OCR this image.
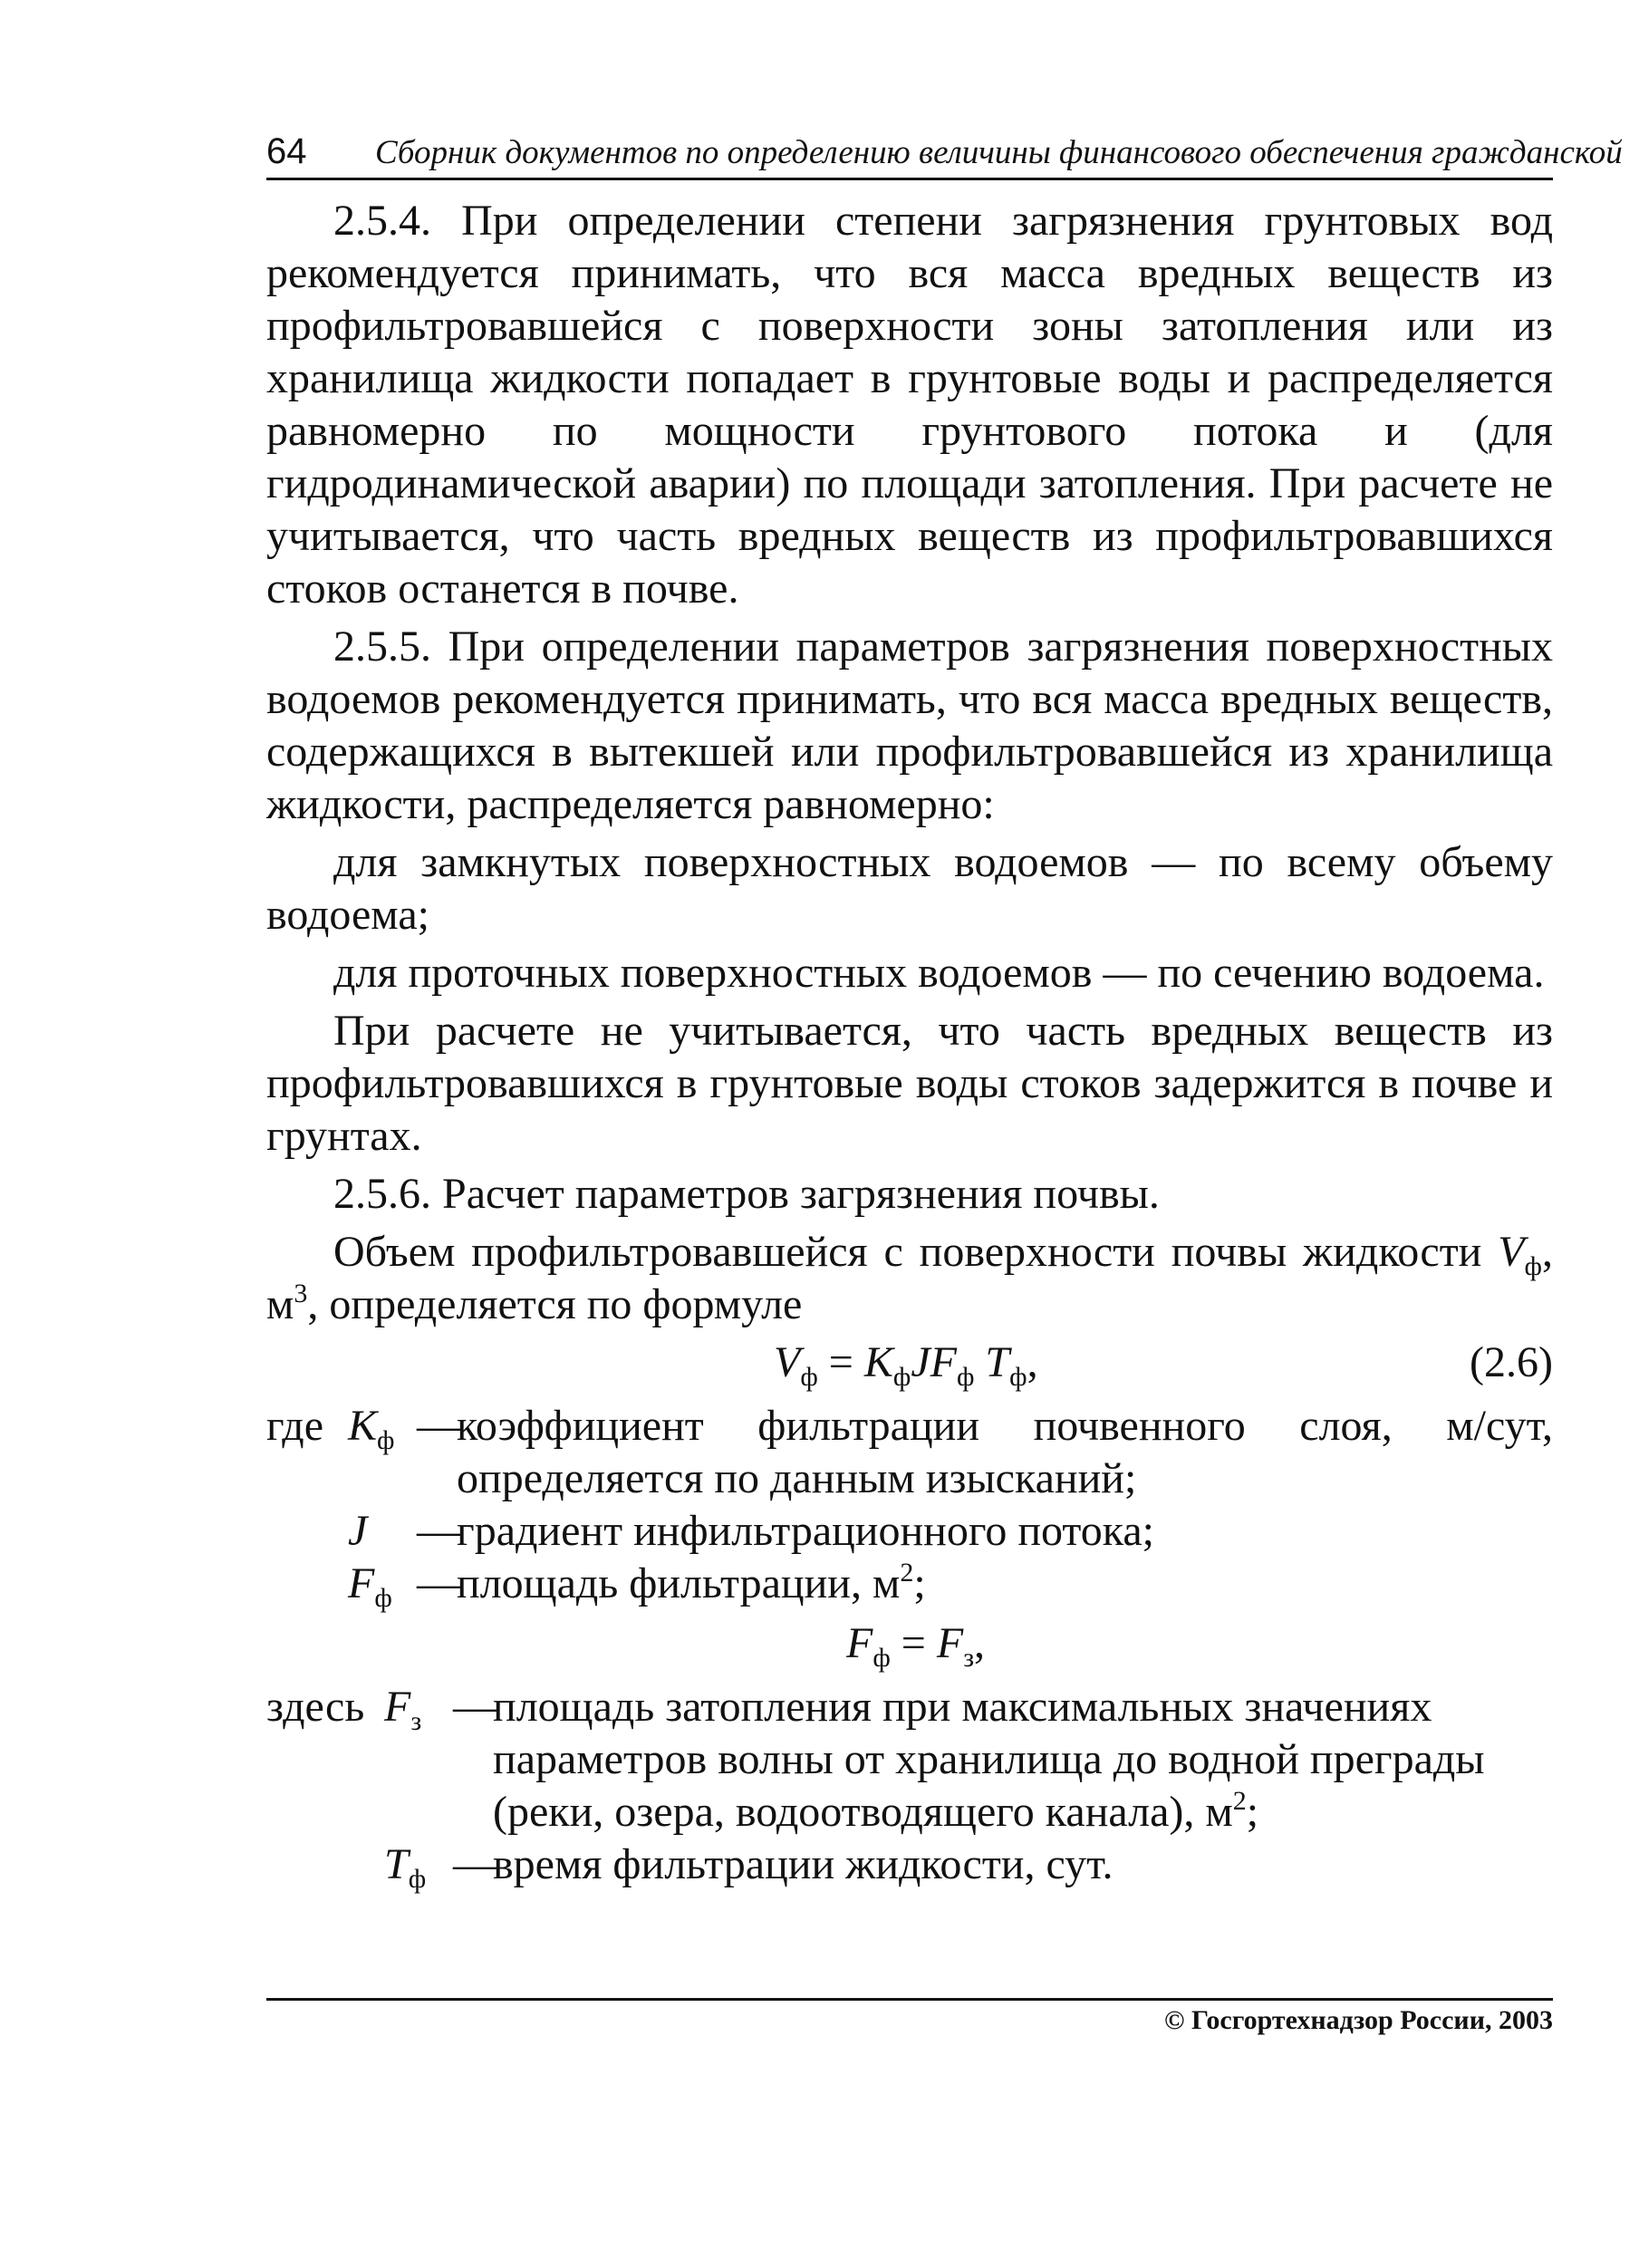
64 Сборник документов по определению величины финансового обеспечения гражданской

2.5.4. При определении степени загрязнения грунтовых вод рекомендуется принимать, что вся масса вредных веществ из профильтровавшейся с поверхности зоны затопления или из хранилища жидкости попадает в грунтовые воды и распределяется равномерно по мощности грунтового потока и (для гидродинамической аварии) по площади затопления. При расчете не учитывается, что часть вредных веществ из профильтровавшихся стоков останется в почве.

2.5.5. При определении параметров загрязнения поверхностных водоемов рекомендуется принимать, что вся масса вредных веществ, содержащихся в вытекшей или профильтровавшейся из хранилища жидкости, распределяется равномерно:

для замкнутых поверхностных водоемов — по всему объему водоема;

для проточных поверхностных водоемов — по сечению водоема.

При расчете не учитывается, что часть вредных веществ из профильтровавшихся в грунтовые воды стоков задержится в почве и грунтах.

2.5.6. Расчет параметров загрязнения почвы.

Объем профильтровавшейся с поверхности почвы жидкости $V_ф$, $м^3$, определяется по формуле

$V_ф = K_фJF_ф$ $T_ф$,	(2.6)
где $K_ф$ —
коэффициент фильтрации почвенного слоя, м/сут, определяется по данным изысканий;
J	—
градиент инфильтрационного потока;
$F_ф$ —
площадь фильтрации, $м^2$;
$F_ф = F_з$,
здесь $F_з$ —
площадь затопления при максимальных значениях параметров волны от хранилища до водной преграды (реки, озера, водоотводящего канала), $м^2$;
$T_ф$ —
время фильтрации жидкости, сут.
© Госгортехнадзор России, 2003
